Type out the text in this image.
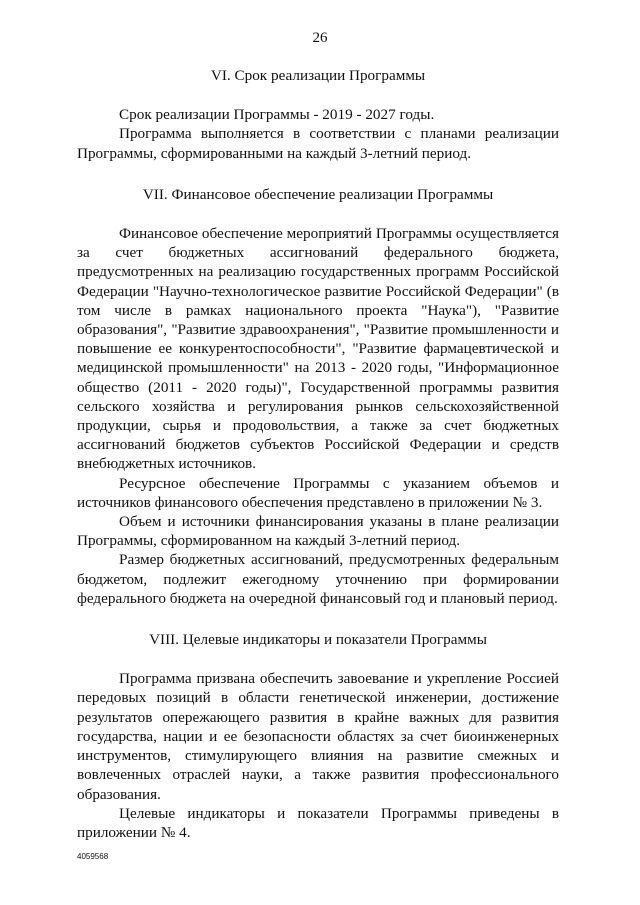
26

VI. Срок реализации Программы

Срок реализации Программы - 2019 - 2027 годы.

Программа выполняется в соответствии с планами реализации Программы, сформированными на каждый 3-летний период.

VII. Финансовое обеспечение реализации Программы

Финансовое обеспечение мероприятий Программы осуществляется за счет бюджетных ассигнований федерального бюджета, предусмотренных на реализацию государственных программ Российской Федерации "Научно-технологическое развитие Российской Федерации" (в том числе в рамках национального проекта "Наука"), "Развитие образования", "Развитие здравоохранения", "Развитие промышленности и повышение ее конкурентоспособности", "Развитие фармацевтической и медицинской промышленности" на 2013 - 2020 годы, "Информационное общество (2011 - 2020 годы)", Государственной программы развития сельского хозяйства и регулирования рынков сельскохозяйственной продукции, сырья и продовольствия, а также за счет бюджетных ассигнований бюджетов субъектов Российской Федерации и средств внебюджетных источников.

Ресурсное обеспечение Программы с указанием объемов и источников финансового обеспечения представлено в приложении № 3.

Объем и источники финансирования указаны в плане реализации Программы, сформированном на каждый 3-летний период.

Размер бюджетных ассигнований, предусмотренных федеральным бюджетом, подлежит ежегодному уточнению при формировании федерального бюджета на очередной финансовый год и плановый период.

VIII. Целевые индикаторы и показатели Программы

Программа призвана обеспечить завоевание и укрепление Россией передовых позиций в области генетической инженерии, достижение результатов опережающего развития в крайне важных для развития государства, нации и ее безопасности областях за счет биоинженерных инструментов, стимулирующего влияния на развитие смежных и вовлеченных отраслей науки, а также развития профессионального образования.

Целевые индикаторы и показатели Программы приведены в приложении № 4.

4059568
